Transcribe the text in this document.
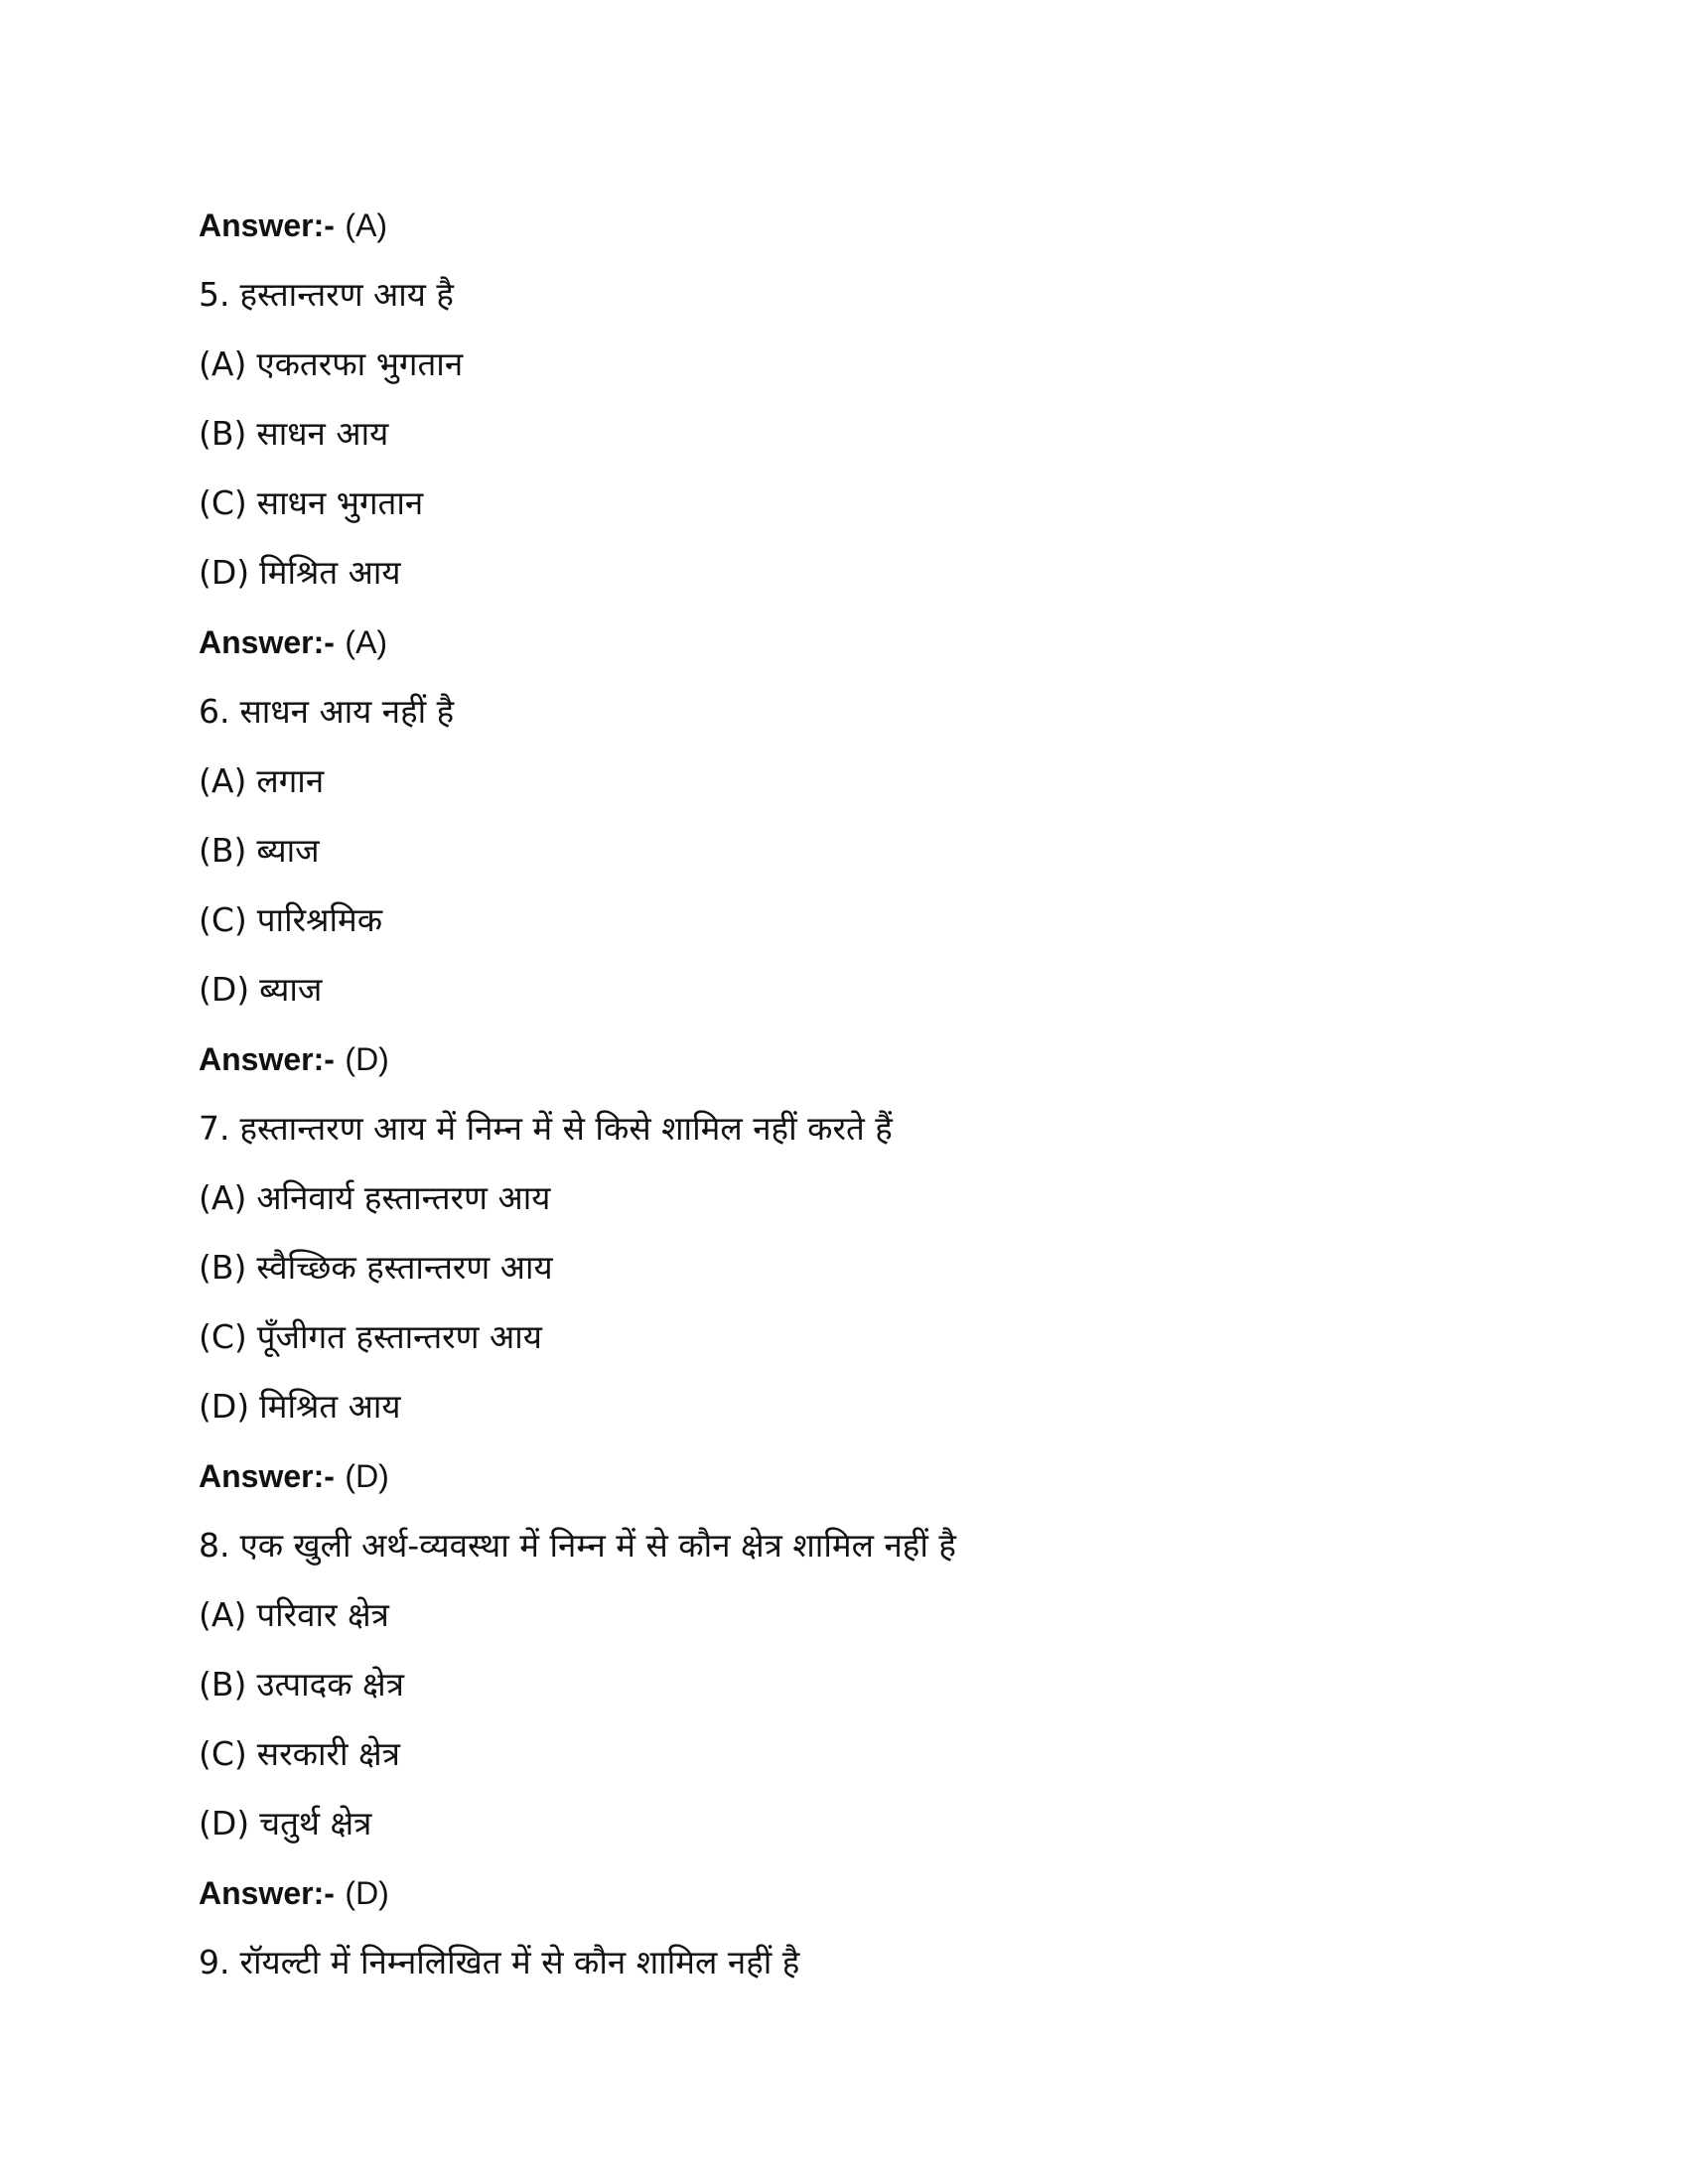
Answer:- (A)
5. हस्तान्तरण आय है
(A) एकतरफा भुगतान
(B) साधन आय
(C) साधन भुगतान
(D) मिश्रित आय
Answer:- (A)
6. साधन आय नहीं है
(A) लगान
(B) ब्याज
(C) पारिश्रमिक
(D) ब्याज
Answer:- (D)
7. हस्तान्तरण आय में निम्न में से किसे शामिल नहीं करते हैं
(A) अनिवार्य हस्तान्तरण आय
(B) स्वैच्छिक हस्तान्तरण आय
(C) पूँजीगत हस्तान्तरण आय
(D) मिश्रित आय
Answer:- (D)
8. एक खुली अर्थ-व्यवस्था में निम्न में से कौन क्षेत्र शामिल नहीं है
(A) परिवार क्षेत्र
(B) उत्पादक क्षेत्र
(C) सरकारी क्षेत्र
(D) चतुर्थ क्षेत्र
Answer:- (D)
9. रॉयल्टी में निम्नलिखित में से कौन शामिल नहीं है
